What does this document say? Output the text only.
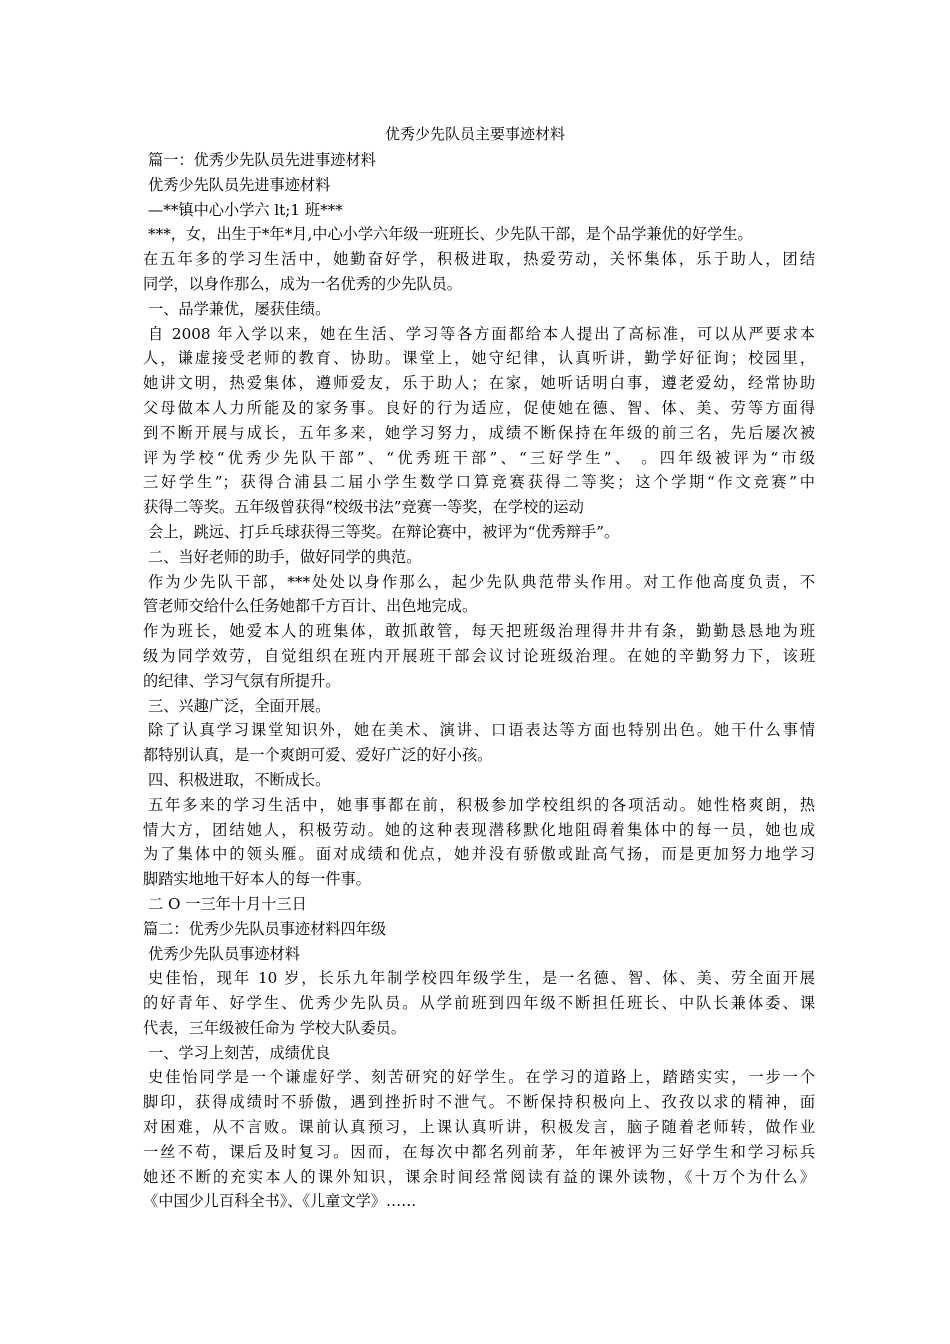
优秀少先队员主要事迹材料
篇一：优秀少先队员先进事迹材料
优秀少先队员先进事迹材料
—**镇中心小学六 lt;1 班***
***，女，出生于*年*月,中心小学六年级一班班长、少先队干部，是个品学兼优的好学生。
在五年多的学习生活中，她勤奋好学，积极进取，热爱劳动，关怀集体，乐于助人，团结
同学，以身作那么，成为一名优秀的少先队员。
一、品学兼优，屡获佳绩。
自 2008 年入学以来，她在生活、学习等各方面都给本人提出了高标准，可以从严要求本
人，谦虚接受老师的教育、协助。课堂上，她守纪律，认真听讲，勤学好征询；校园里，
她讲文明，热爱集体，遵师爱友，乐于助人；在家，她听话明白事，遵老爱幼，经常协助
父母做本人力所能及的家务事。良好的行为适应，促使她在德、智、体、美、劳等方面得
到不断开展与成长，五年多来，她学习努力，成绩不断保持在年级的前三名，先后屡次被
评为学校“优秀少先队干部”、“优秀班干部”、“三好学生”、 。四年级被评为“市级
三好学生”；获得合浦县二届小学生数学口算竞赛获得二等奖；这个学期“作文竞赛”中
获得二等奖。五年级曾获得“校级书法”竞赛一等奖，在学校的运动
会上，跳远、打乒乓球获得三等奖。在辩论赛中，被评为“优秀辩手”。
二、当好老师的助手，做好同学的典范。
作为少先队干部，***处处以身作那么，起少先队典范带头作用。对工作他高度负责，不
管老师交给什么任务她都千方百计、出色地完成。
作为班长，她爱本人的班集体，敢抓敢管，每天把班级治理得井井有条，勤勤恳恳地为班
级为同学效劳，自觉组织在班内开展班干部会议讨论班级治理。在她的辛勤努力下，该班
的纪律、学习气氛有所提升。
三、兴趣广泛，全面开展。
除了认真学习课堂知识外，她在美术、演讲、口语表达等方面也特别出色。她干什么事情
都特别认真，是一个爽朗可爱、爱好广泛的好小孩。
四、积极进取，不断成长。
五年多来的学习生活中，她事事都在前，积极参加学校组织的各项活动。她性格爽朗，热
情大方，团结她人，积极劳动。她的这种表现潜移默化地阻碍着集体中的每一员，她也成
为了集体中的领头雁。面对成绩和优点，她并没有骄傲或趾高气扬，而是更加努力地学习
脚踏实地地干好本人的每一件事。
二 O 一三年十月十三日
篇二：优秀少先队员事迹材料四年级
优秀少先队员事迹材料
史佳怡，现年 10 岁，长乐九年制学校四年级学生，是一名德、智、体、美、劳全面开展
的好青年、好学生、优秀少先队员。从学前班到四年级不断担任班长、中队长兼体委、课
代表，三年级被任命为 学校大队委员。
一、学习上刻苦，成绩优良
史佳怡同学是一个谦虚好学、刻苦研究的好学生。在学习的道路上，踏踏实实，一步一个
脚印，获得成绩时不骄傲，遇到挫折时不泄气。不断保持积极向上、孜孜以求的精神，面
对困难，从不言败。课前认真预习，上课认真听讲，积极发言，脑子随着老师转，做作业
一丝不苟，课后及时复习。因而，在每次中都名列前茅，年年被评为三好学生和学习标兵
她还不断的充实本人的课外知识，课余时间经常阅读有益的课外读物，《十万个为什么》
《中国少儿百科全书》、《儿童文学》……
